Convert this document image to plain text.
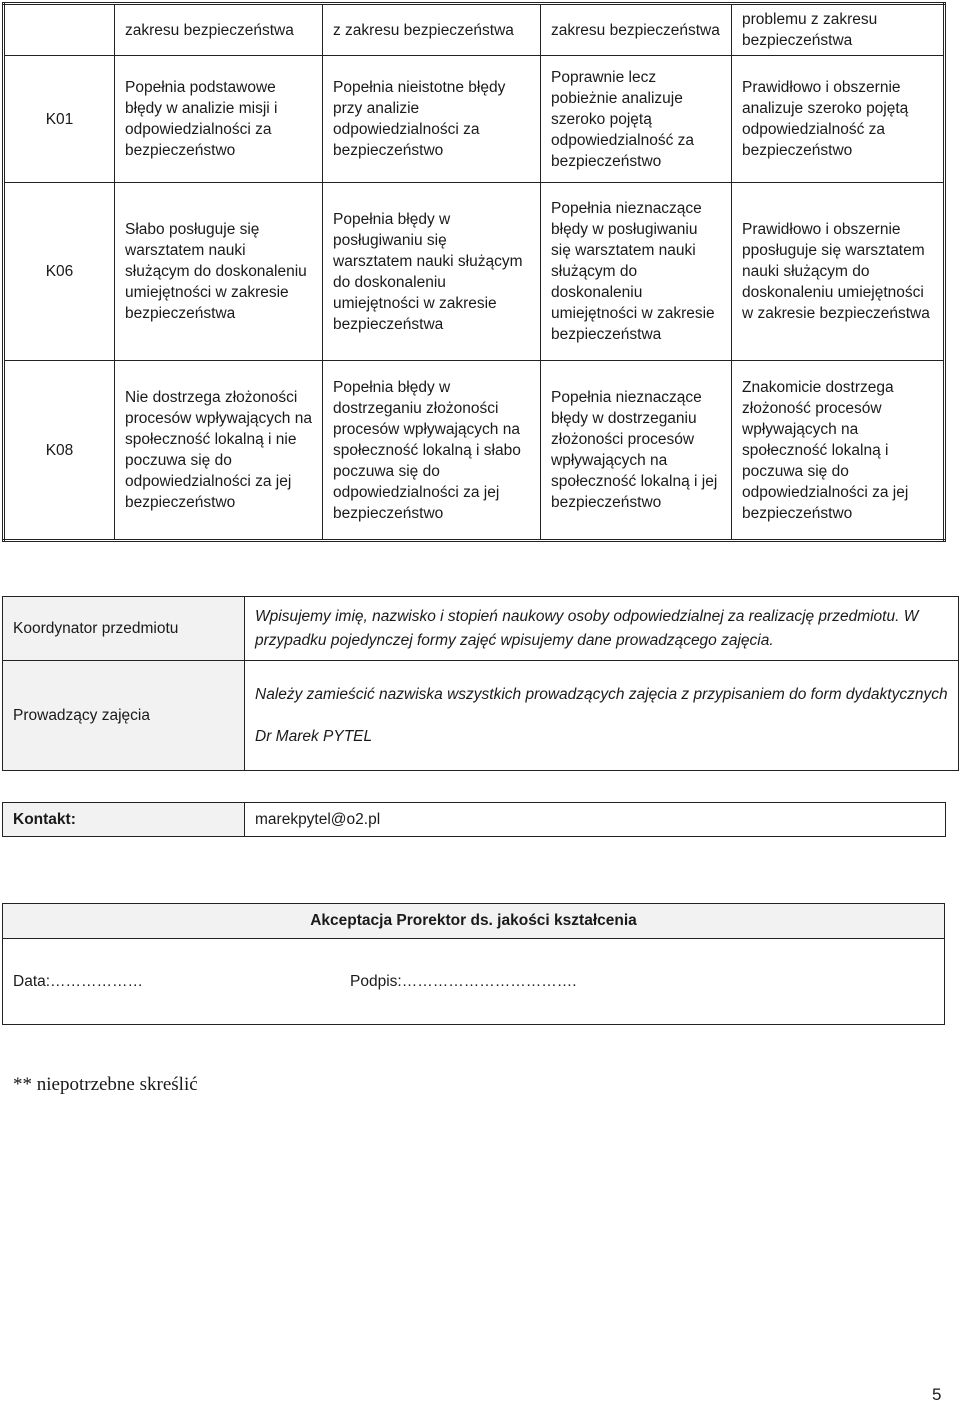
	zakresu bezpieczeństwa	z zakresu bezpieczeństwa	zakresu bezpieczeństwa	problemu z zakresu bezpieczeństwa
K01	Popełnia podstawowe błędy w analizie misji i odpowiedzialności za bezpieczeństwo	Popełnia nieistotne błędy przy analizie odpowiedzialności za bezpieczeństwo	Poprawnie lecz pobieżnie analizuje szeroko pojętą odpowiedzialność za bezpieczeństwo	Prawidłowo i obszernie analizuje szeroko pojętą odpowiedzialność za bezpieczeństwo
K06	Słabo posługuje się warsztatem nauki służącym do doskonaleniu umiejętności w zakresie bezpieczeństwa	Popełnia błędy w posługiwaniu się warsztatem nauki służącym do doskonaleniu umiejętności w zakresie bezpieczeństwa	Popełnia nieznaczące błędy w posługiwaniu się warsztatem nauki służącym do doskonaleniu umiejętności w zakresie bezpieczeństwa	Prawidłowo i obszernie pposługuje się warsztatem nauki służącym do doskonaleniu umiejętności w zakresie bezpieczeństwa
K08	Nie dostrzega złożoności procesów wpływających na społeczność lokalną i nie poczuwa się do odpowiedzialności za jej bezpieczeństwo	Popełnia błędy w dostrzeganiu złożoności procesów wpływających na społeczność lokalną i słabo poczuwa się do odpowiedzialności za jej bezpieczeństwo	Popełnia nieznaczące błędy w dostrzeganiu złożoności procesów wpływających na społeczność lokalną i jej bezpieczeństwo	Znakomicie dostrzega złożoność procesów wpływających na społeczność lokalną i poczuwa się do odpowiedzialności za jej bezpieczeństwo
Koordynator przedmiotu	Wpisujemy imię, nazwisko i stopień naukowy osoby odpowiedzialnej za realizację przedmiotu. W przypadku pojedynczej formy zajęć wpisujemy dane prowadzącego zajęcia.
Prowadzący zajęcia	Należy zamieścić nazwiska wszystkich prowadzących zajęcia z przypisaniem do form dydaktycznych
Dr Marek PYTEL
Kontakt:	marekpytel@o2.pl
Akceptacja Prorektor ds. jakości kształcenia
Data:………………	Podpis:…………………………….
** niepotrzebne skreślić
5
